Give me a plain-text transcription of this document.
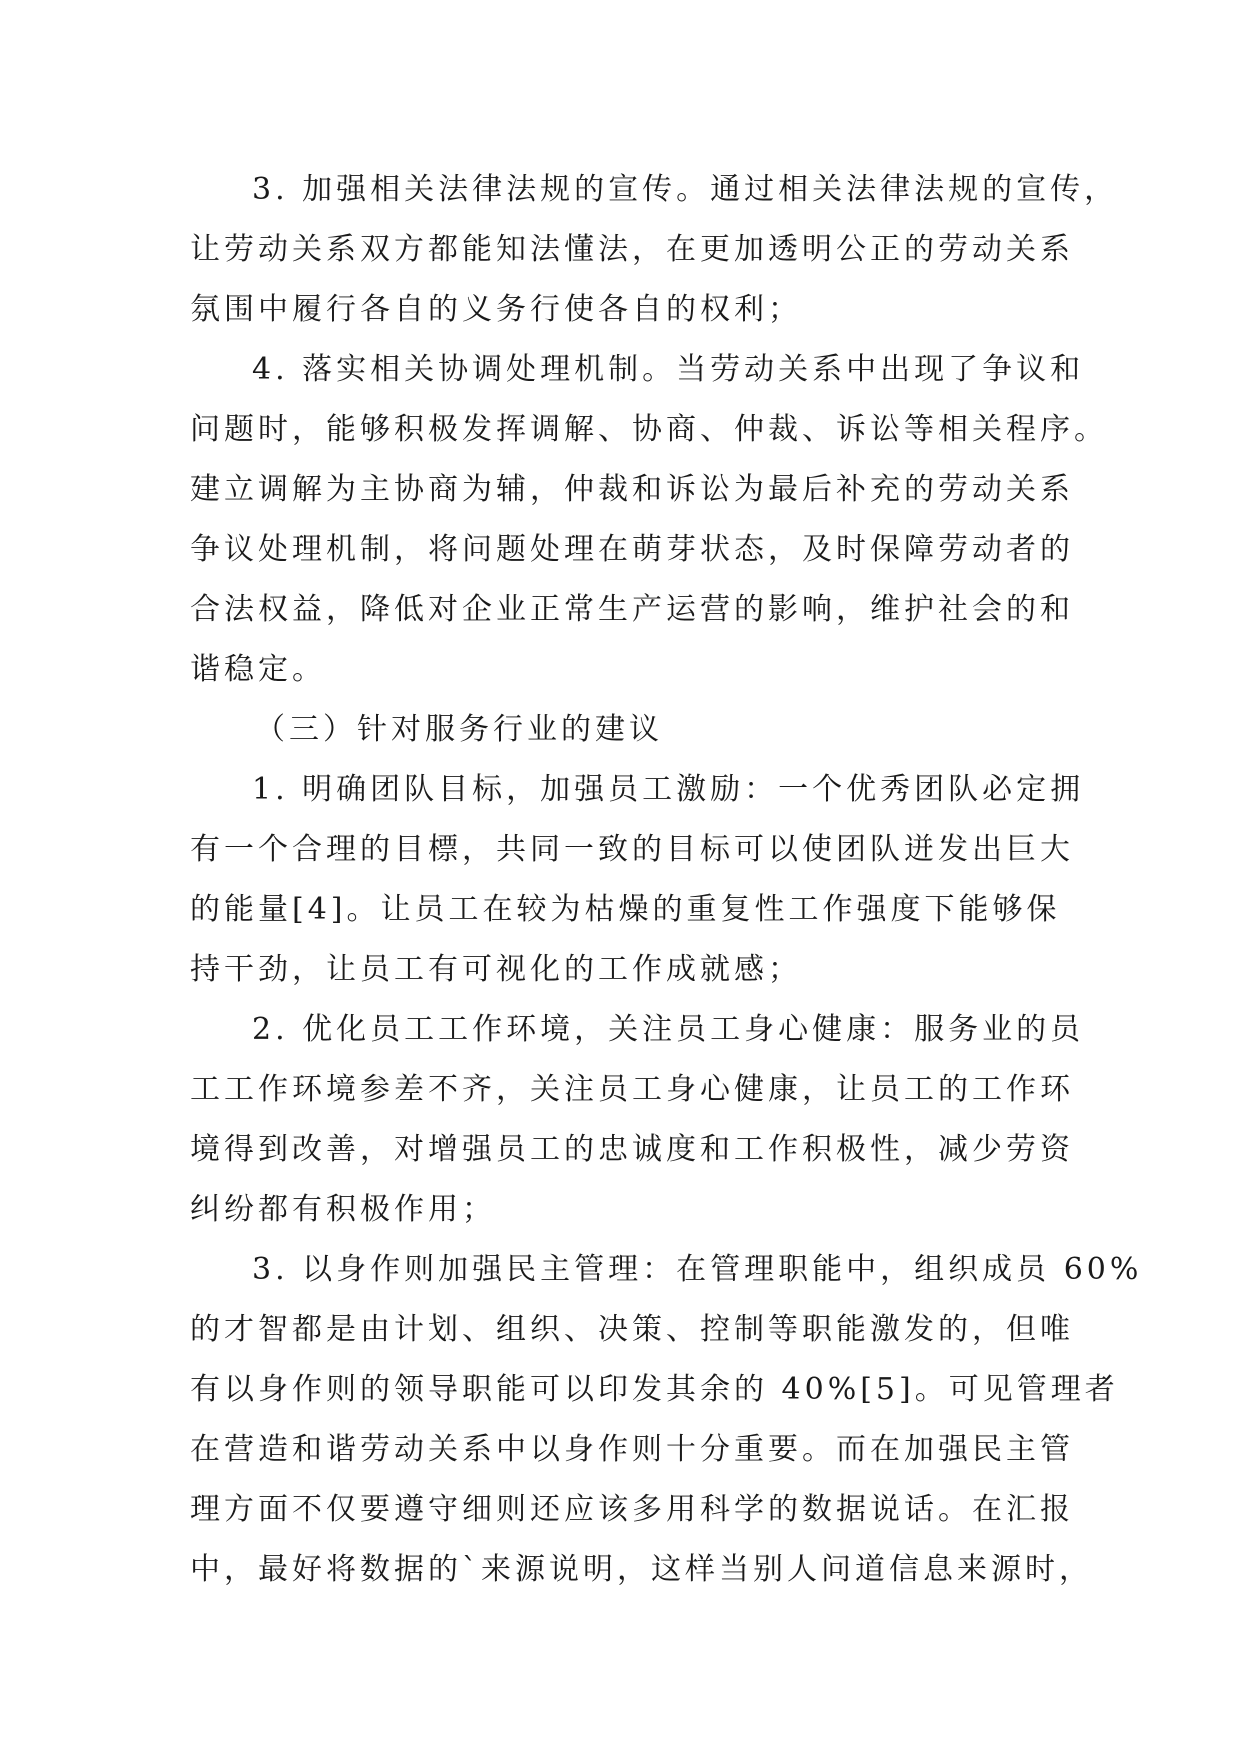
3. 加强相关法律法规的宣传。通过相关法律法规的宣传，

让劳动关系双方都能知法懂法，在更加透明公正的劳动关系

氛围中履行各自的义务行使各自的权利；

4. 落实相关协调处理机制。当劳动关系中出现了争议和

问题时，能够积极发挥调解、协商、仲裁、诉讼等相关程序。

建立调解为主协商为辅，仲裁和诉讼为最后补充的劳动关系

争议处理机制，将问题处理在萌芽状态，及时保障劳动者的

合法权益，降低对企业正常生产运营的影响，维护社会的和

谐稳定。

（三）针对服务行业的建议

1. 明确团队目标，加强员工激励：一个优秀团队必定拥

有一个合理的目標，共同一致的目标可以使团队迸发出巨大

的能量[4]。让员工在较为枯燥的重复性工作强度下能够保

持干劲，让员工有可视化的工作成就感；

2. 优化员工工作环境，关注员工身心健康：服务业的员

工工作环境参差不齐，关注员工身心健康，让员工的工作环

境得到改善，对增强员工的忠诚度和工作积极性，减少劳资

纠纷都有积极作用；

3. 以身作则加强民主管理：在管理职能中，组织成员 60%

的才智都是由计划、组织、决策、控制等职能激发的，但唯

有以身作则的领导职能可以印发其余的 40%[5]。可见管理者

在营造和谐劳动关系中以身作则十分重要。而在加强民主管

理方面不仅要遵守细则还应该多用科学的数据说话。在汇报

中，最好将数据的`来源说明，这样当别人问道信息来源时，
